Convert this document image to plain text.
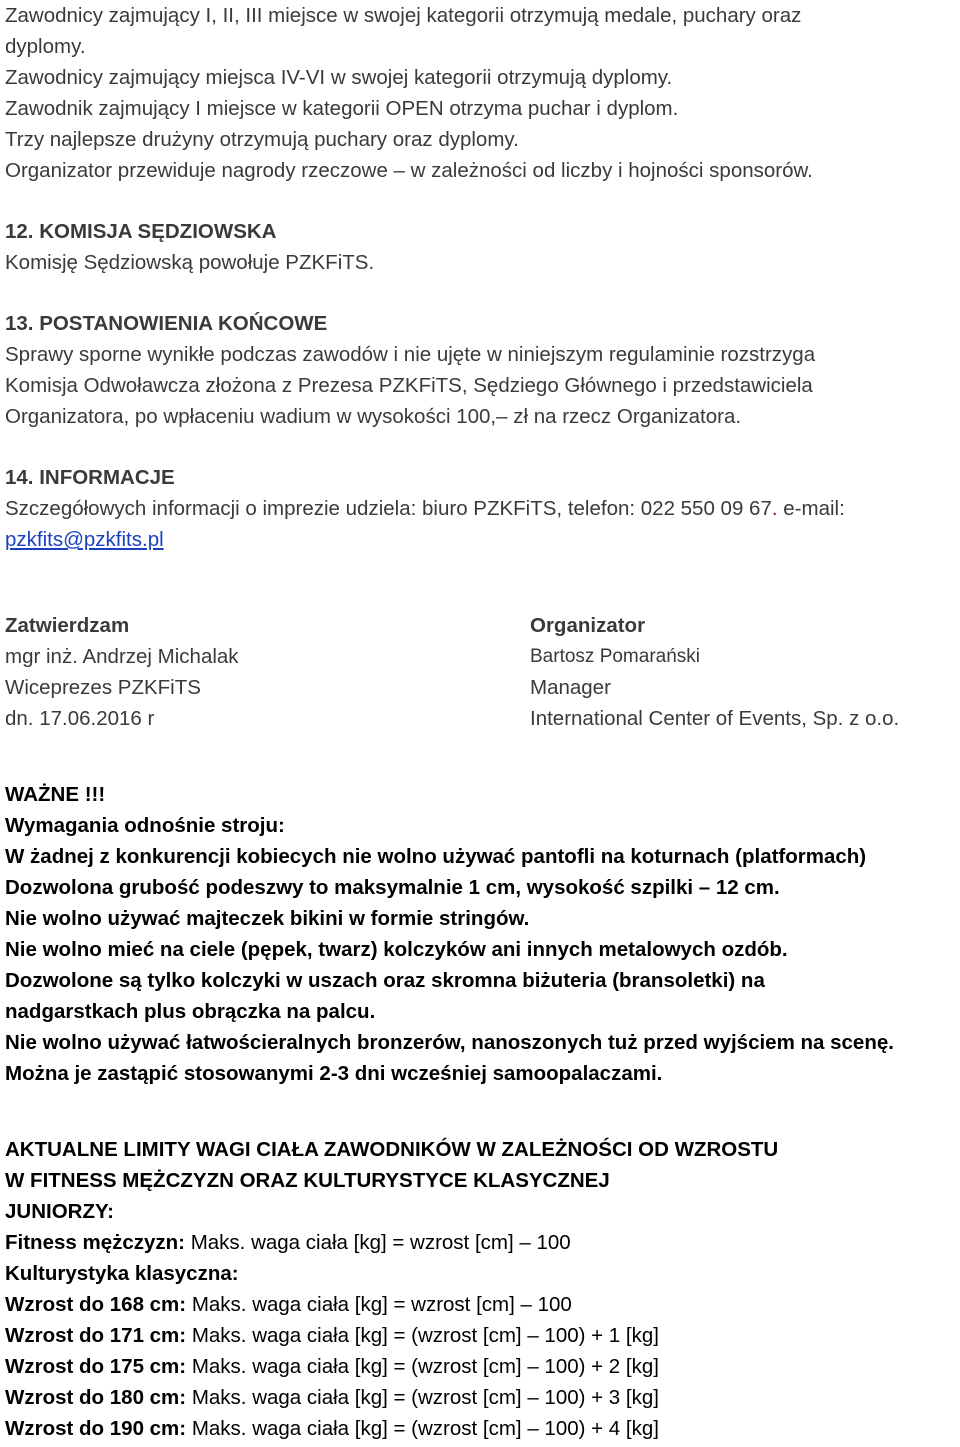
Zawodnicy zajmujący I, II, III miejsce w swojej kategorii otrzymują medale, puchary oraz
dyplomy.
Zawodnicy zajmujący miejsca IV-VI w swojej kategorii otrzymują dyplomy.
Zawodnik zajmujący I miejsce w kategorii OPEN otrzyma puchar i dyplom.
Trzy najlepsze drużyny otrzymują puchary oraz dyplomy.
Organizator przewiduje nagrody rzeczowe – w zależności od liczby i hojności sponsorów.
12. KOMISJA SĘDZIOWSKA
Komisję Sędziowską powołuje PZKFiTS.
13. POSTANOWIENIA KOŃCOWE
Sprawy sporne wynikłe podczas zawodów i nie ujęte w niniejszym regulaminie rozstrzyga
Komisja Odwoławcza złożona z Prezesa PZKFiTS, Sędziego Głównego i przedstawiciela
Organizatora, po wpłaceniu wadium w wysokości 100,– zł na rzecz Organizatora.
14. INFORMACJE
Szczegółowych informacji o imprezie udziela: biuro PZKFiTS, telefon: 022 550 09 67. e-mail:
pzkfits@pzkfits.pl
Zatwierdzam
mgr inż. Andrzej Michalak
Wiceprezes PZKFiTS
dn. 17.06.2016 r
Organizator
Bartosz Pomarański
Manager
International Center of Events, Sp. z o.o.
WAŻNE !!!
Wymagania odnośnie stroju:
W żadnej z konkurencji kobiecych nie wolno używać pantofli na koturnach (platformach)
Dozwolona grubość podeszwy to maksymalnie 1 cm, wysokość szpilki – 12 cm.
Nie wolno używać majteczek bikini w formie stringów.
Nie wolno mieć na ciele (pępek, twarz) kolczyków ani innych metalowych ozdób.
Dozwolone są tylko kolczyki w uszach oraz skromna biżuteria (bransoletki) na
nadgarstkach plus obrączka na palcu.
Nie wolno używać łatwościeralnych bronzerów, nanoszonych tuż przed wyjściem na scenę.
Można je zastąpić stosowanymi 2-3 dni wcześniej samoopalaczami.
AKTUALNE LIMITY WAGI CIAŁA ZAWODNIKÓW W ZALEŻNOŚCI OD WZROSTU
W FITNESS MĘŻCZYZN ORAZ KULTURYSTYCE KLASYCZNEJ
JUNIORZY:
Fitness mężczyzn: Maks. waga ciała [kg] = wzrost [cm] – 100
Kulturystyka klasyczna:
Wzrost do 168 cm: Maks. waga ciała [kg] = wzrost [cm] – 100
Wzrost do 171 cm: Maks. waga ciała [kg] = (wzrost [cm] – 100) + 1 [kg]
Wzrost do 175 cm: Maks. waga ciała [kg] = (wzrost [cm] – 100) + 2 [kg]
Wzrost do 180 cm: Maks. waga ciała [kg] = (wzrost [cm] – 100) + 3 [kg]
Wzrost do 190 cm: Maks. waga ciała [kg] = (wzrost [cm] – 100) + 4 [kg]
